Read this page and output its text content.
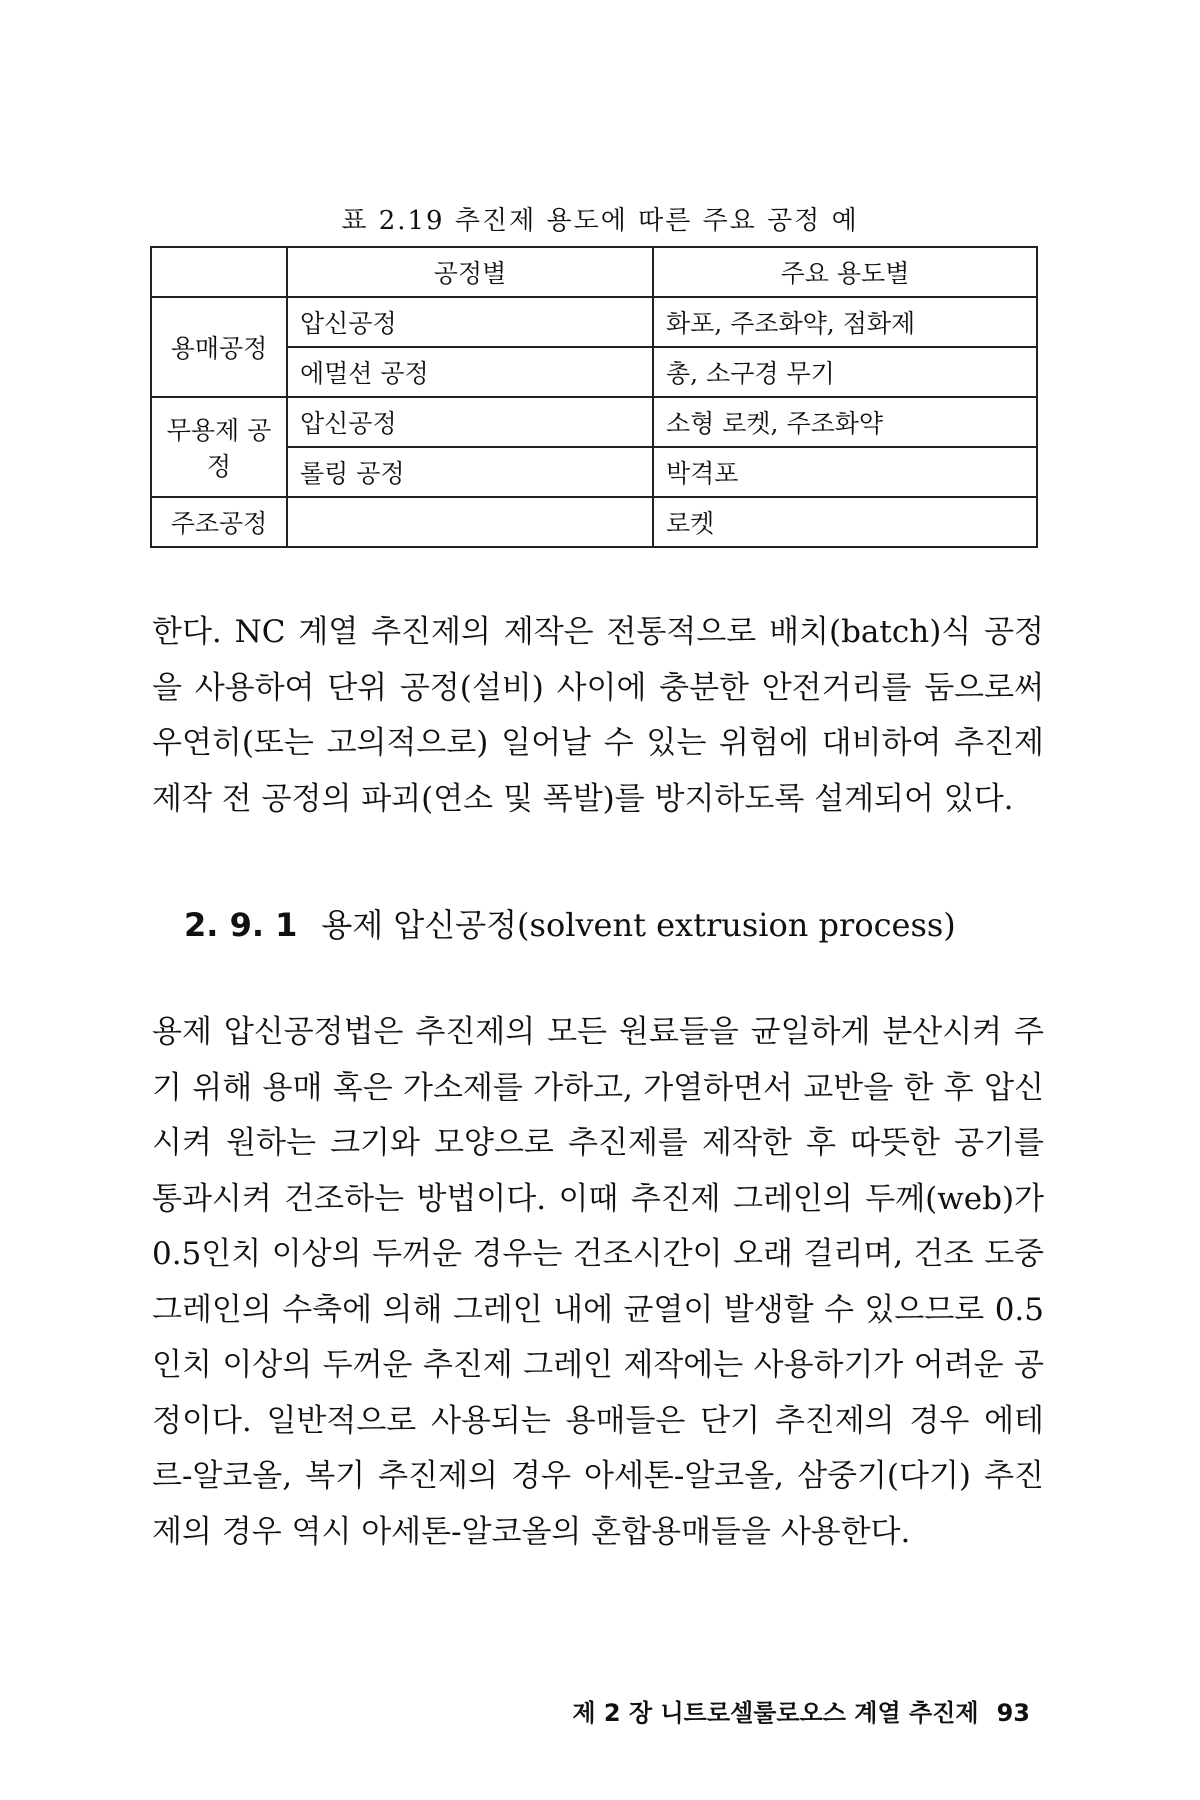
표 2.19 추진제 용도에 따른 주요 공정 예
	공정별	주요 용도별
용매공정	압신공정	화포, 주조화약, 점화제
	에멀션 공정	총, 소구경 무기
무용제 공정	압신공정	소형 로켓, 주조화약
	롤링 공정	박격포
주조공정		로켓

한다. NC 계열 추진제의 제작은 전통적으로 배치(batch)식 공정을 사용하여 단위 공정(설비) 사이에 충분한 안전거리를 둠으로써 우연히(또는 고의적으로) 일어날 수 있는 위험에 대비하여 추진제 제작 전 공정의 파괴(연소 및 폭발)를 방지하도록 설계되어 있다.

2. 9. 1 용제 압신공정(solvent extrusion process)

용제 압신공정법은 추진제의 모든 원료들을 균일하게 분산시켜 주기 위해 용매 혹은 가소제를 가하고, 가열하면서 교반을 한 후 압신시켜 원하는 크기와 모양으로 추진제를 제작한 후 따뜻한 공기를 통과시켜 건조하는 방법이다. 이때 추진제 그레인의 두께(web)가 0.5인치 이상의 두꺼운 경우는 건조시간이 오래 걸리며, 건조 도중 그레인의 수축에 의해 그레인 내에 균열이 발생할 수 있으므로 0.5인치 이상의 두꺼운 추진제 그레인 제작에는 사용하기가 어려운 공정이다. 일반적으로 사용되는 용매들은 단기 추진제의 경우 에테르-알코올, 복기 추진제의 경우 아세톤-알코올, 삼중기(다기) 추진제의 경우 역시 아세톤-알코올의 혼합용매들을 사용한다.

제 2 장 니트로셀룰로오스 계열 추진제 93
